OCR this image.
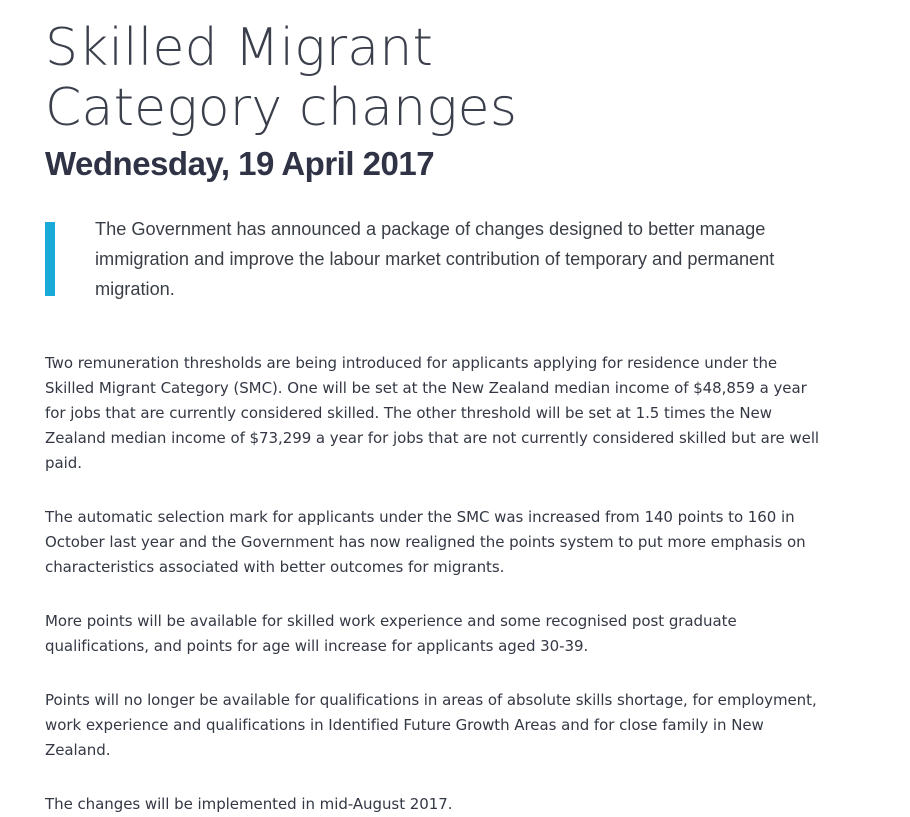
Skilled Migrant Category changes
Wednesday, 19 April 2017

The Government has announced a package of changes designed to better manage immigration and improve the labour market contribution of temporary and permanent migration.

Two remuneration thresholds are being introduced for applicants applying for residence under the Skilled Migrant Category (SMC). One will be set at the New Zealand median income of $48,859 a year for jobs that are currently considered skilled. The other threshold will be set at 1.5 times the New Zealand median income of $73,299 a year for jobs that are not currently considered skilled but are well paid.

The automatic selection mark for applicants under the SMC was increased from 140 points to 160 in October last year and the Government has now realigned the points system to put more emphasis on characteristics associated with better outcomes for migrants.

More points will be available for skilled work experience and some recognised post graduate qualifications, and points for age will increase for applicants aged 30-39.

Points will no longer be available for qualifications in areas of absolute skills shortage, for employment, work experience and qualifications in Identified Future Growth Areas and for close family in New Zealand.

The changes will be implemented in mid-August 2017.
